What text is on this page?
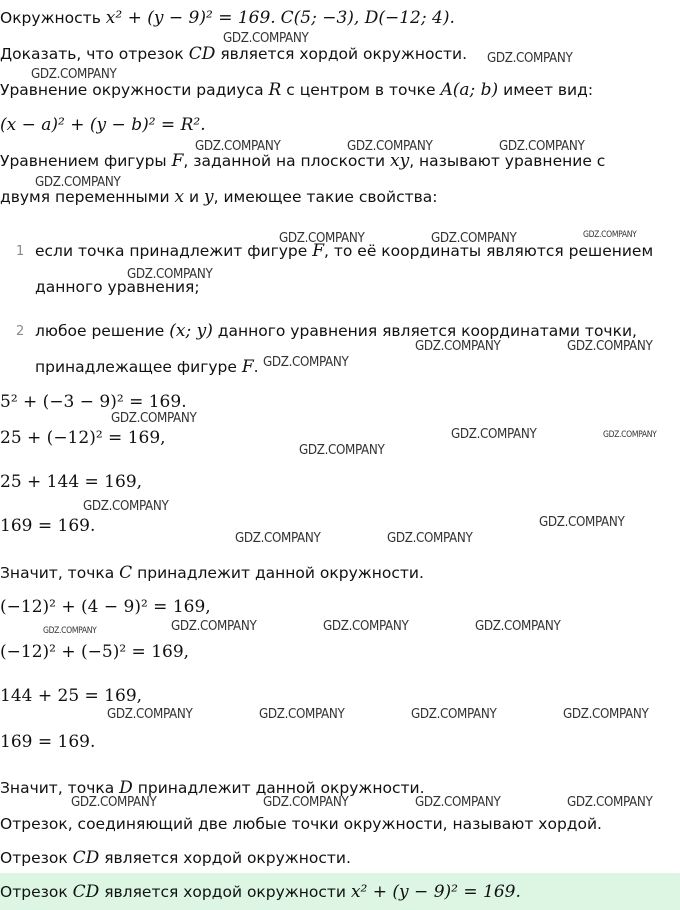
Окружность x² + (y − 9)² = 169. C(5; −3), D(−12; 4).
Доказать, что отрезок CD является хордой окружности.
Уравнение окружности радиуса R с центром в точке A(a; b) имеет вид:
(x − a)² + (y − b)² = R².
Уравнением фигуры F, заданной на плоскости xy, называют уравнение с
двумя переменными x и y, имеющее такие свойства:
1 если точка принадлежит фигуре F, то её координаты являются решением
данного уравнения;
2 любое решение (x; y) данного уравнения является координатами точки,
принадлежащее фигуре F.
5² + (−3 − 9)² = 169.
25 + (−12)² = 169,
25 + 144 = 169,
169 = 169.
Значит, точка C принадлежит данной окружности.
(−12)² + (4 − 9)² = 169,
(−12)² + (−5)² = 169,
144 + 25 = 169,
169 = 169.
Значит, точка D принадлежит данной окружности.
Отрезок, соединяющий две любые точки окружности, называют хордой.
Отрезок CD является хордой окружности.
Отрезок CD является хордой окружности x² + (y − 9)² = 169.
GDZ.COMPANY
GDZ.COMPANY
GDZ.COMPANY
GDZ.COMPANY	GDZ.COMPANY	GDZ.COMPANY
GDZ.COMPANY
GDZ.COMPANY
GDZ.COMPANY	GDZ.COMPANY
GDZ.COMPANY
GDZ.COMPANY	GDZ.COMPANY
GDZ.COMPANY
GDZ.COMPANY
GDZ.COMPANY	GDZ.COMPANY
GDZ.COMPANY
GDZ.COMPANY
GDZ.COMPANY
GDZ.COMPANY	GDZ.COMPANY
GDZ.COMPANY	GDZ.COMPANY	GDZ.COMPANY	GDZ.COMPANY
GDZ.COMPANY	GDZ.COMPANY	GDZ.COMPANY	GDZ.COMPANY
GDZ.COMPANY	GDZ.COMPANY	GDZ.COMPANY	GDZ.COMPANY
